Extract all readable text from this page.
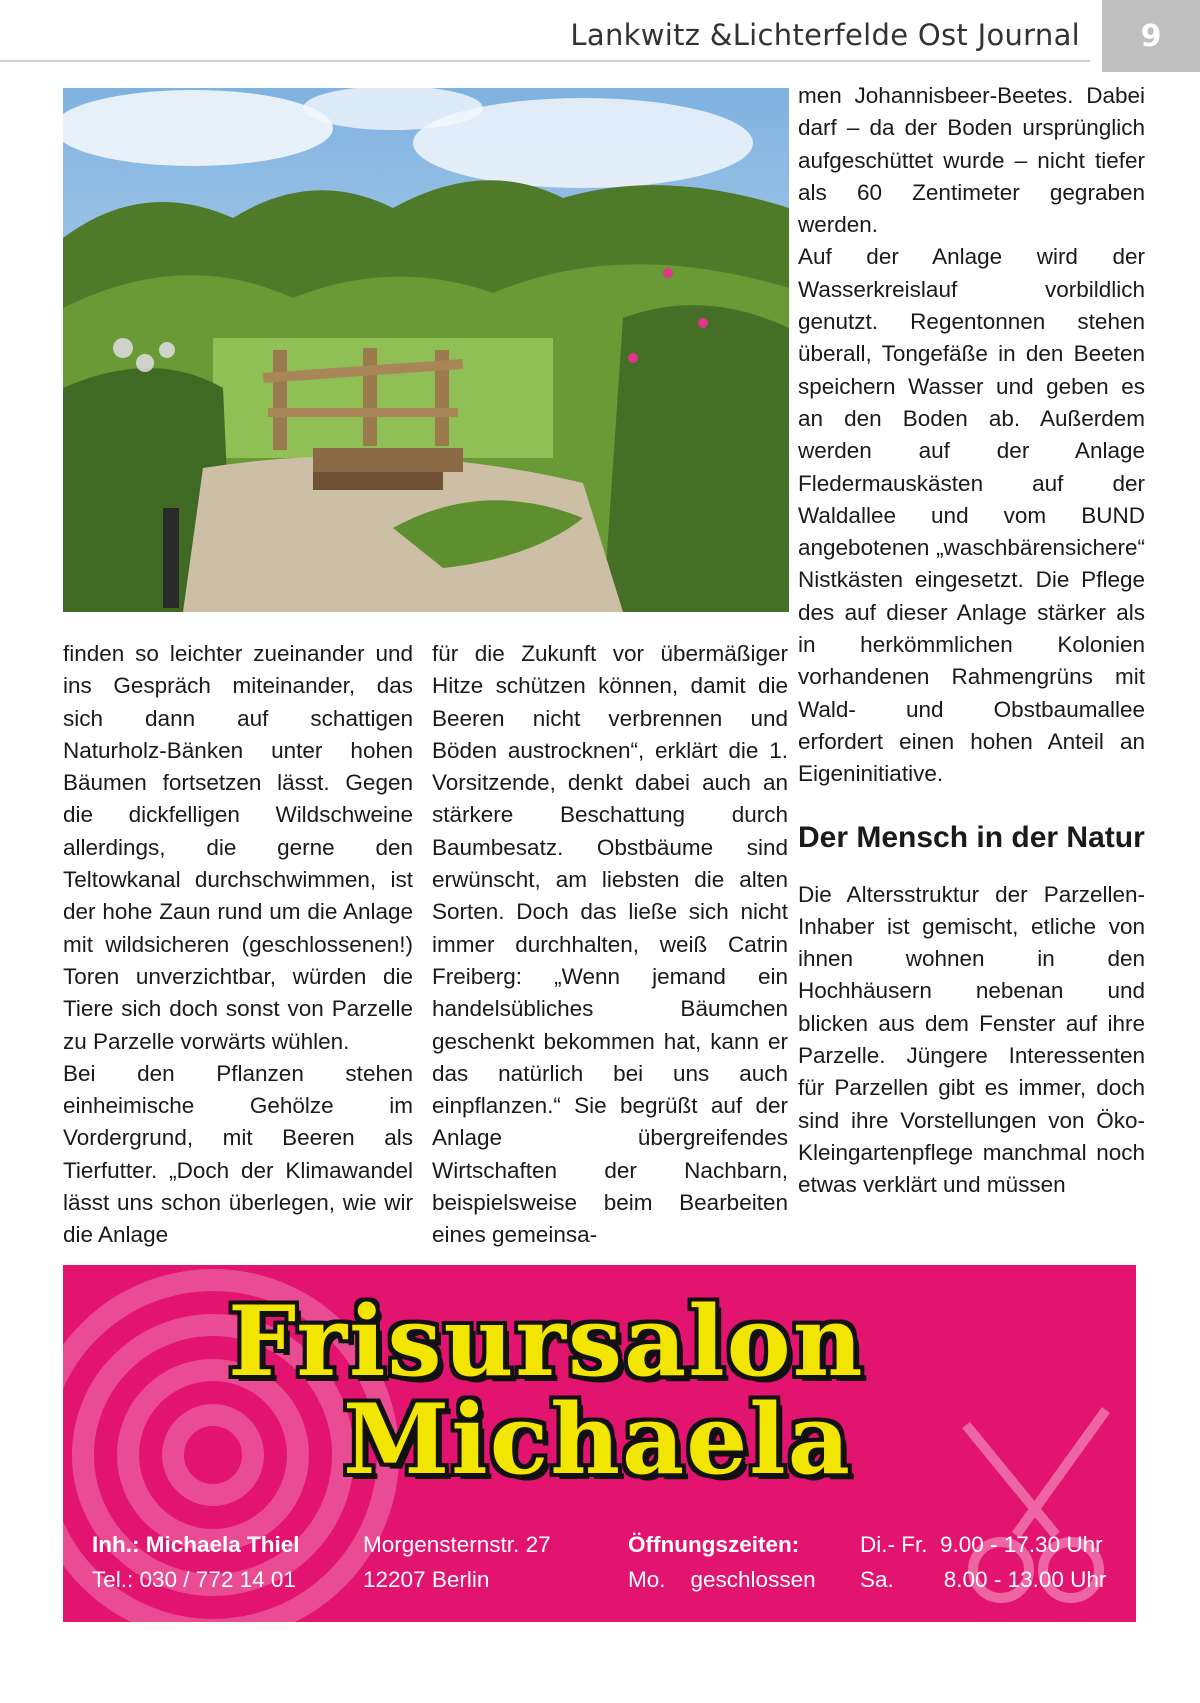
Lankwitz &Lichterfelde Ost Journal	9

finden so leichter zueinander und ins Gespräch miteinander, das sich dann auf schattigen Naturholz-Bänken unter hohen Bäumen fortsetzen lässt. Gegen die dickfelligen Wildschweine allerdings, die gerne den Teltowkanal durchschwimmen, ist der hohe Zaun rund um die Anlage mit wildsicheren (geschlossenen!) Toren unverzichtbar, würden die Tiere sich doch sonst von Parzelle zu Parzelle vorwärts wühlen.

Bei den Pflanzen stehen einheimische Gehölze im Vordergrund, mit Beeren als Tierfutter. „Doch der Klimawandel lässt uns schon überlegen, wie wir die Anlage

für die Zukunft vor übermäßiger Hitze schützen können, damit die Beeren nicht verbrennen und Böden austrocknen“, erklärt die 1. Vorsitzende, denkt dabei auch an stärkere Beschattung durch Baumbesatz. Obstbäume sind erwünscht, am liebsten die alten Sorten. Doch das ließe sich nicht immer durchhalten, weiß Catrin Freiberg: „Wenn jemand ein handelsübliches Bäumchen geschenkt bekommen hat, kann er das natürlich bei uns auch einpflanzen.“ Sie begrüßt auf der Anlage übergreifendes Wirtschaften der Nachbarn, beispielsweise beim Bearbeiten eines gemeinsa-

men Johannisbeer-Beetes. Dabei darf – da der Boden ursprünglich aufgeschüttet wurde – nicht tiefer als 60 Zentimeter gegraben werden.

Auf der Anlage wird der Wasserkreislauf vorbildlich genutzt. Regentonnen stehen überall, Tongefäße in den Beeten speichern Wasser und geben es an den Boden ab. Außerdem werden auf der Anlage Fledermauskästen auf der Waldallee und vom BUND angebotenen „waschbärensichere“ Nistkästen eingesetzt. Die Pflege des auf dieser Anlage stärker als in herkömmlichen Kolonien vorhandenen Rahmengrüns mit Wald- und Obstbaumallee erfordert einen hohen Anteil an Eigeninitiative.

Der Mensch in der Natur

Die Altersstruktur der Parzellen-Inhaber ist gemischt, etliche von ihnen wohnen in den Hochhäusern nebenan und blicken aus dem Fenster auf ihre Parzelle. Jüngere Interessenten für Parzellen gibt es immer, doch sind ihre Vorstellungen von Öko-Kleingartenpflege manchmal noch etwas verklärt und müssen

Frisursalon
Michaela
Inh.: Michaela Thiel
Tel.: 030 / 772 14 01
Morgensternstr. 27
12207 Berlin
Öffnungszeiten:
Mo.    geschlossen
Di.- Fr.  9.00 - 17.30 Uhr
Sa.        8.00 - 13.00 Uhr
